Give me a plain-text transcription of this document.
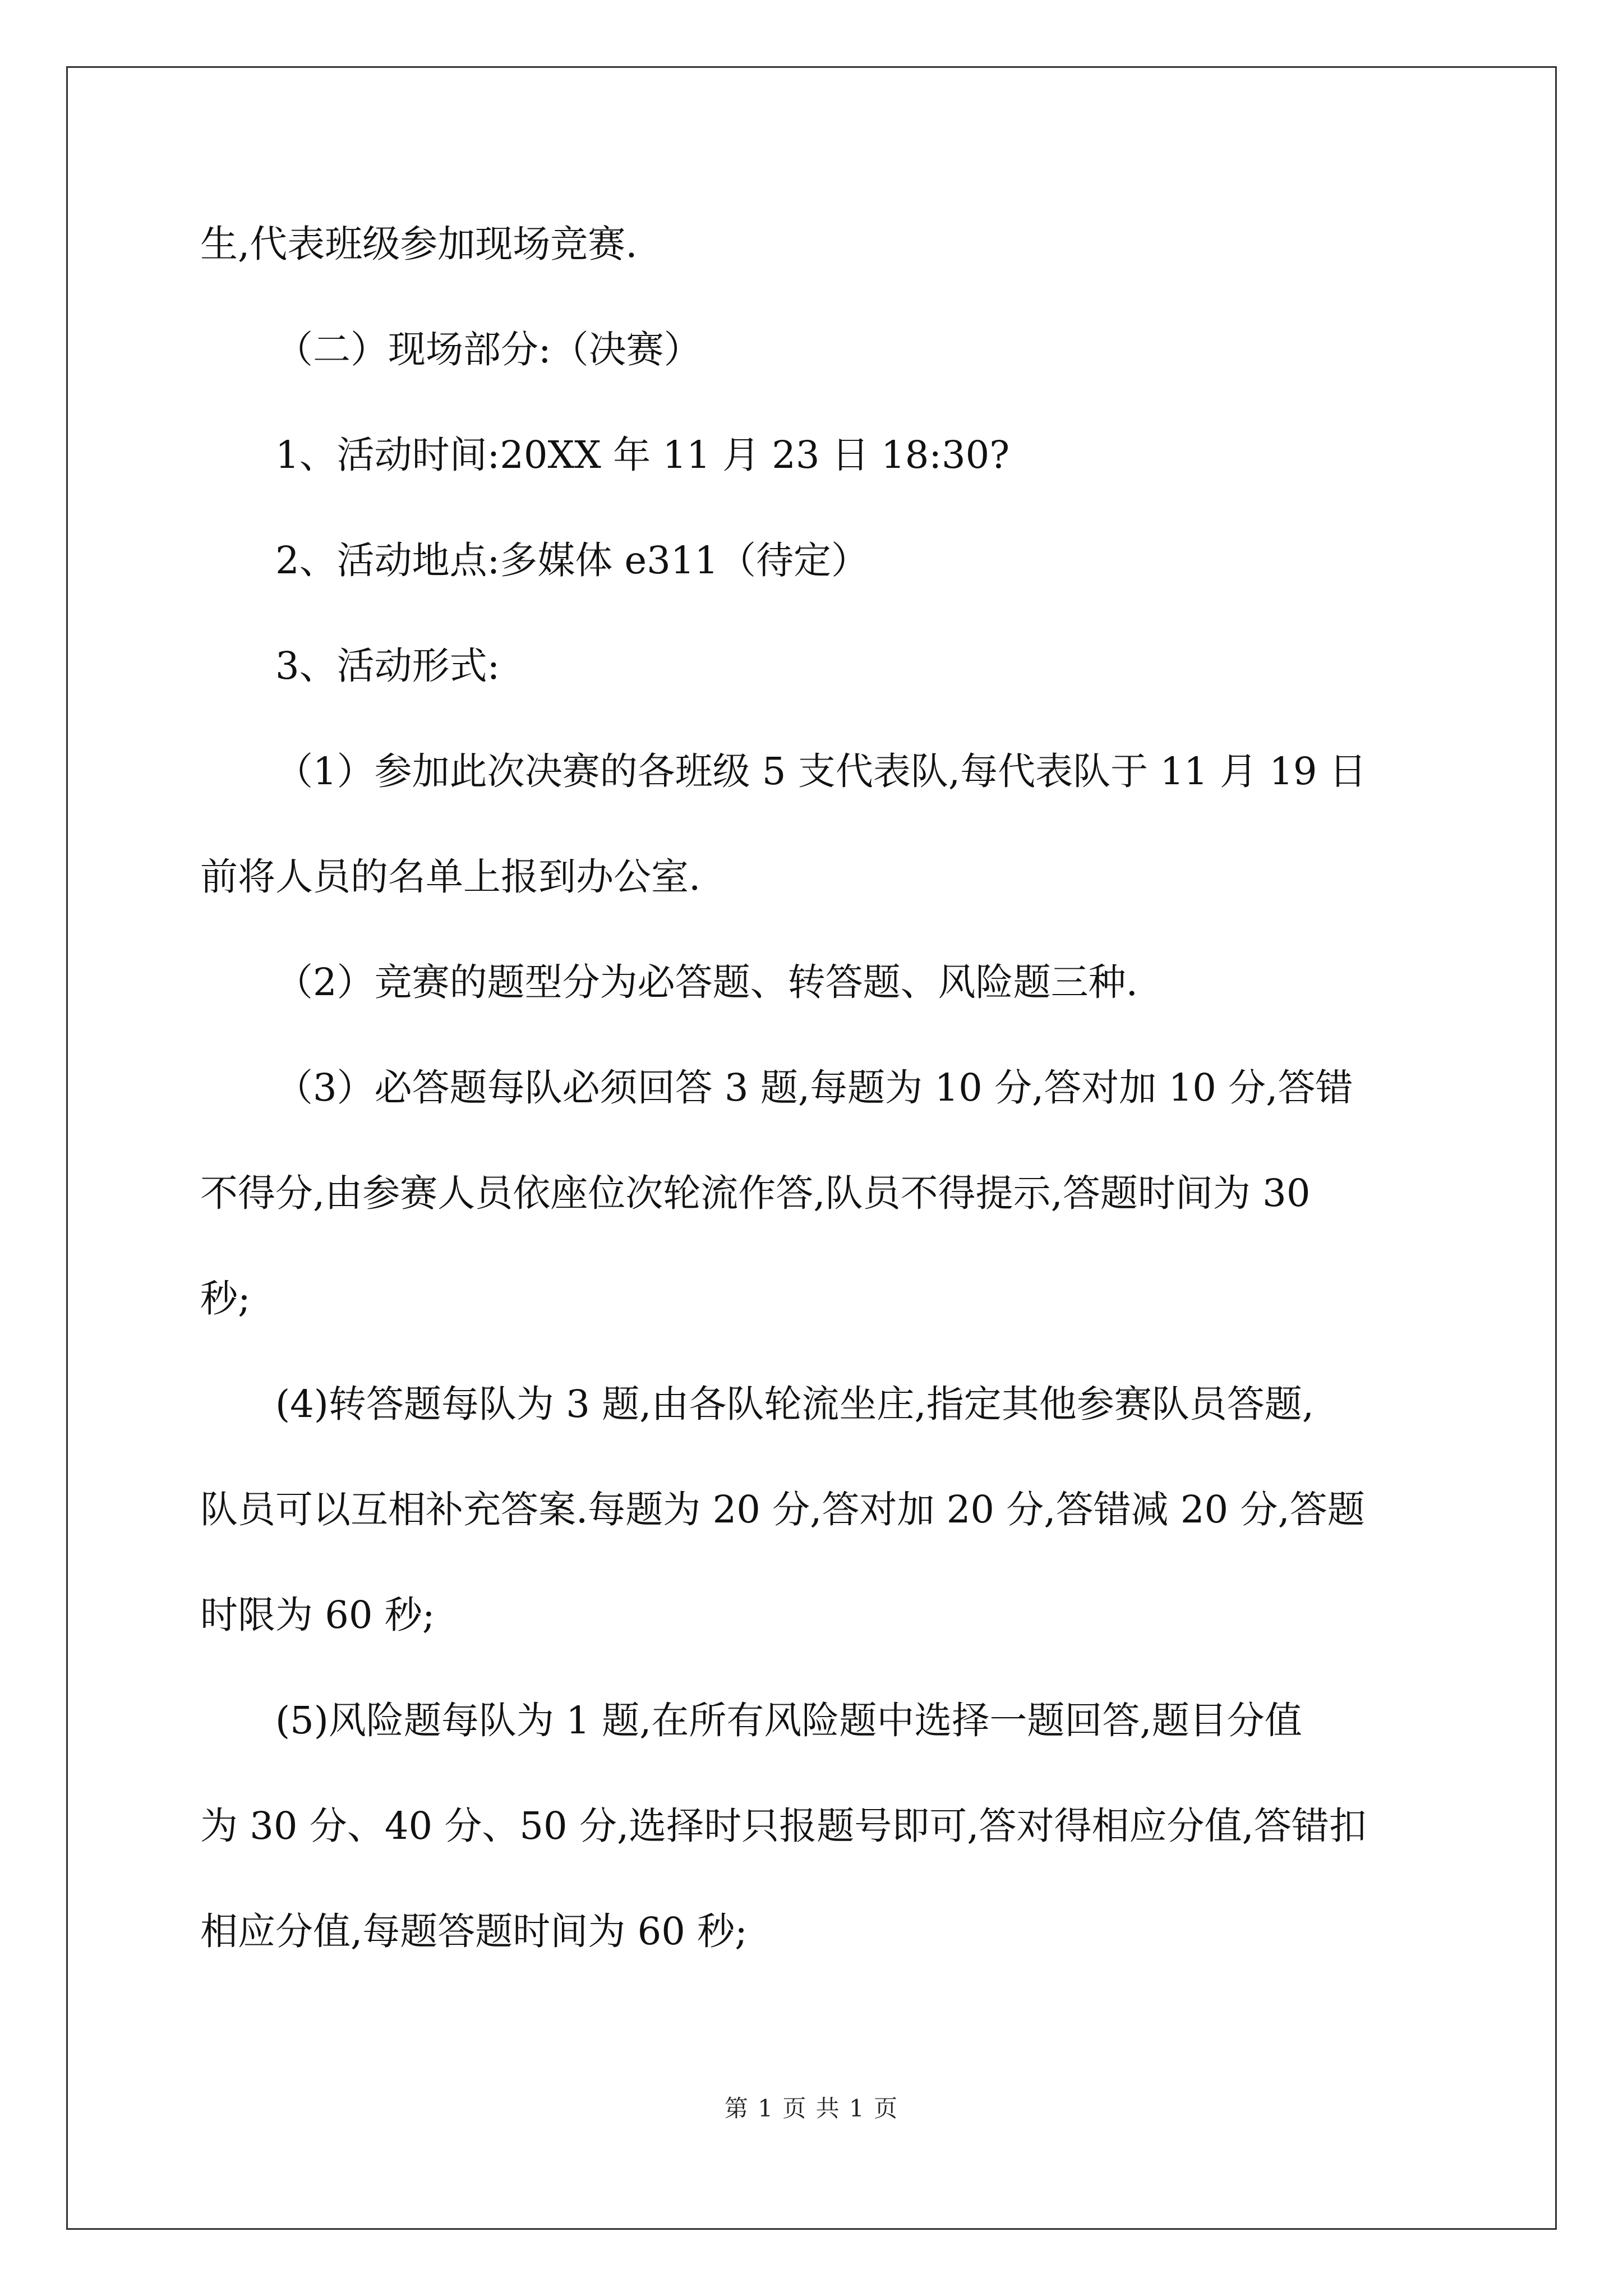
生,代表班级参加现场竞赛.
（二）现场部分:（决赛）
1、活动时间:20XX 年 11 月 23 日 18:30?
2、活动地点:多媒体 e311（待定）
3、活动形式:
（1）参加此次决赛的各班级 5 支代表队,每代表队于 11 月 19 日
前将人员的名单上报到办公室.
（2）竞赛的题型分为必答题、转答题、风险题三种.
（3）必答题每队必须回答 3 题,每题为 10 分,答对加 10 分,答错
不得分,由参赛人员依座位次轮流作答,队员不得提示,答题时间为 30
秒;
(4)转答题每队为 3 题,由各队轮流坐庄,指定其他参赛队员答题,
队员可以互相补充答案.每题为 20 分,答对加 20 分,答错减 20 分,答题
时限为 60 秒;
(5)风险题每队为 1 题,在所有风险题中选择一题回答,题目分值
为 30 分、40 分、50 分,选择时只报题号即可,答对得相应分值,答错扣
相应分值,每题答题时间为 60 秒;
第 1 页 共 1 页
